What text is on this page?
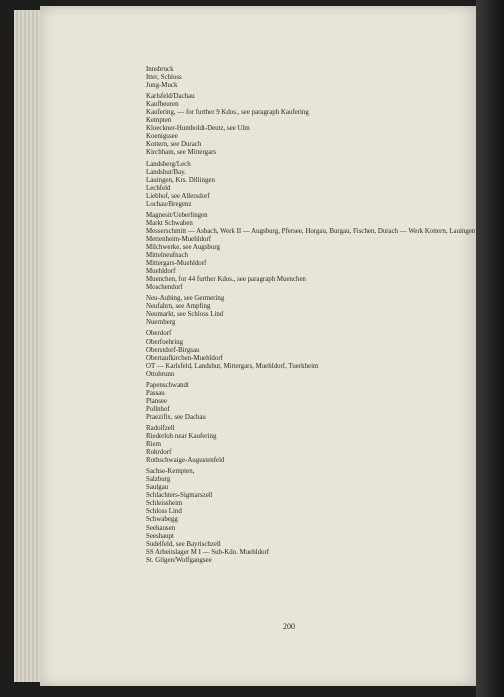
Innsbruck
Itter, Schloss
Jung-Muck
Karlsfeld/Dachau
Kaufbeuren
Kaufering, — for further 9 Kdos., see paragraph Kaufering
Kempten
Kloeckner-Humboldt-Deutz, see Ulm
Koenigssee
Kottern, see Durach
Kirchham, see Mittergars
Landsberg/Lech
Landshut/Bay.
Lauingen, Krs. Dillingen
Lechfeld
Liebhof, see Allersdorf
Lochau/Bregenz
Magnesit/Ueberlingen
Markt Schwaben
Messerschmitt — Asbach, Werk II — Augsburg, Pfersee, Horgau, Burgau, Fischen, Durach — Werk Kottern, Lauingen
Mettenheim-Muehldorf
Milchwerke, see Augsburg
Mittelneufnach
Mittergars-Muehldorf
Muehldorf
Muenchen, for 44 further Kdos., see paragraph Muenchen
Moschendorf
Neu-Aubing, see Germering
Neufahrn, see Ampfing
Neumarkt, see Schloss Lind
Nuernberg
Oberdorf
Oberfoehring
Oberstdorf-Birgsau
Obertaufkirchen-Muehldorf
OT — Karlsfeld, Landshut, Mittergars, Muehldorf, Tuerkheim
Ottobrunn
Papenschwandt
Passau
Plansee
Pollnhof
Praezifix, see Dachau
Radolfzell
Riederloh near Kaufering
Riem
Rohrdorf
Rothschwaige-Augustenfeld
Sachse-Kempten,
Salzburg
Saulgau
Schlachters-Sigmarszell
Schleissheim
Schloss Lind
Schwabegg
Seehausen
Seeshaupt
Sudelfeld, see Bayrischzell
SS Arbeitslager M I — Sub-Kdo. Muehldorf
St. Gilgen/Wolfgangsee
200
